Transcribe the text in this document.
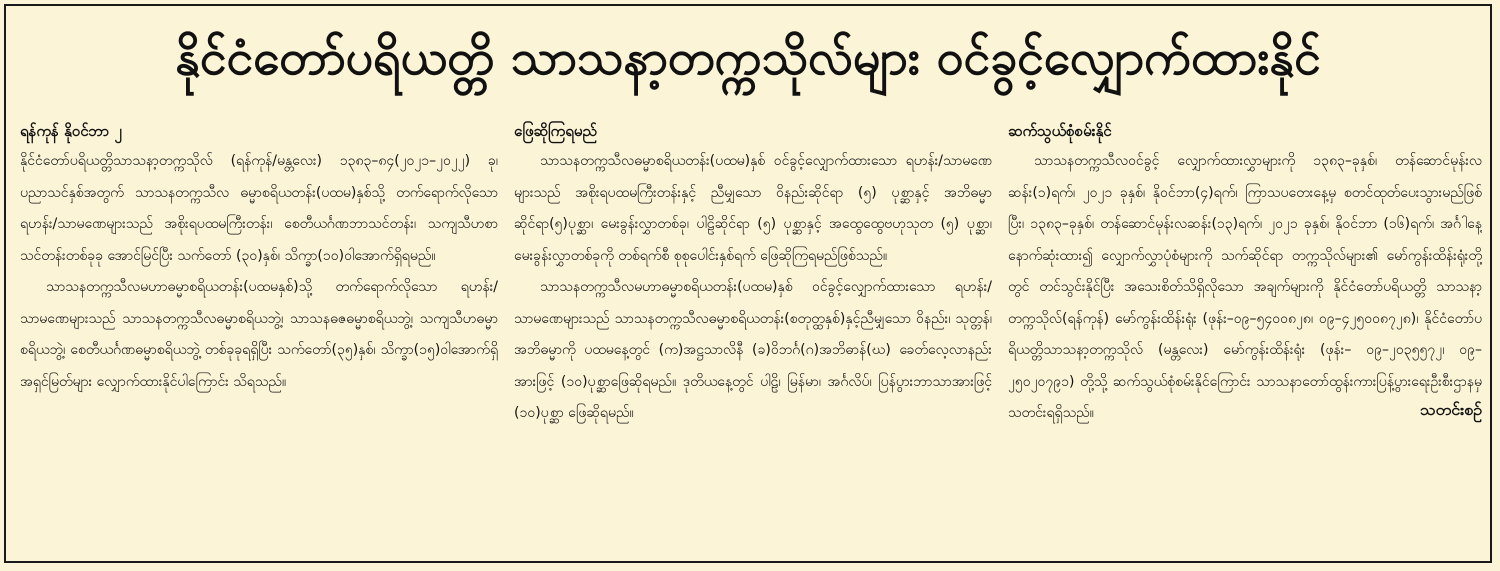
နိုင်ငံတော်ပရိယတ္တိ သာသနာ့တက္ကသိုလ်များ ဝင်ခွင့်လျှောက်ထားနိုင်
ရန်ကုန် နိုဝင်ဘာ ၂

နိုင်ငံတော်ပရိယတ္တိသာသနာ့တက္ကသိုလ် (ရန်ကုန်/မန္တလေး) ၁၃၈၃–၈၄(၂၀၂၁–၂၀၂၂) ခု၊ ပညာသင်နှစ်အတွက် သာသနတက္ကသီလ ဓမ္မာစရိယတန်း(ပထမ)နှစ်သို့ တက်ရောက်လိုသော ရဟန်း/သာမဏေများသည် အစိုးရပထမကြီးတန်း၊ စေတီယင်္ဂဏဘာသင်တန်း၊ သကျသီဟစာသင်တန်းတစ်ခုခု အောင်မြင်ပြီး သက်တော် (၃၀)နှစ်၊ သိက္ခာ(၁၀)ဝါအောက်ရှိရမည်။

သာသနတက္ကသီလမဟာဓမ္မာစရိယတန်း(ပထမနှစ်)သို့ တက်ရောက်လိုသော ရဟန်း/သာမဏေများသည် သာသနတက္ကသီလဓမ္မာစရိယဘွဲ့၊ သာသနဓဇဓမ္မာစရိယဘွဲ့၊ သကျသီဟဓမ္မာစရိယဘွဲ့၊ စေတီယင်္ဂဏဓမ္မာစရိယဘွဲ့ တစ်ခုခုရရှိပြီး သက်တော်(၃၅)နှစ်၊ သိက္ခာ(၁၅)ဝါအောက်ရှိ အရှင်မြတ်များ လျှောက်ထားနိုင်ပါကြောင်း သိရသည်။

ဖြေဆိုကြရမည်

သာသနတက္ကသီလဓမ္မာစရိယတန်း(ပထမ)နှစ် ဝင်ခွင့်လျှောက်ထားသော ရဟန်း/သာမဏေများသည် အစိုးရပထမကြီးတန်းနှင့် ညီမျှသော ဝိနည်းဆိုင်ရာ (၅) ပုစ္ဆာနှင့် အဘိဓမ္မာဆိုင်ရာ(၅)ပုစ္ဆာ၊ မေးခွန်းလွှာတစ်ခု၊ ပါဠိဆိုင်ရာ (၅) ပုစ္ဆာနှင့် အထွေထွေဗဟုသုတ (၅) ပုစ္ဆာ၊ မေးခွန်းလွှာတစ်ခုကို တစ်ရက်စီ စုစုပေါင်းနှစ်ရက် ဖြေဆိုကြရမည်ဖြစ်သည်။

သာသနတက္ကသီလမဟာဓမ္မာစရိယတန်း(ပထမ)နှစ် ဝင်ခွင့်လျှောက်ထားသော ရဟန်း/သာမဏေများသည် သာသနတက္ကသီလဓမ္မာစရိယတန်း(စတုတ္ထနှစ်)နှင့်ညီမျှသော ဝိနည်း၊ သုတ္တန်၊ အဘိဓမ္မာကို ပထမနေ့တွင် (က)အဋ္ဌသာလိနီ (ခ)ဝိဘင်္ဂ(ဂ)အဘိဓာန်(ဃ) ခေတ်လေ့လာနည်းအားဖြင့် (၁၀)ပုစ္ဆာဖြေဆိုရမည်။ ဒုတိယနေ့တွင် ပါဠိ၊ မြန်မာ၊ အင်္ဂလိပ်၊ ပြန်ပွားဘာသာအားဖြင့် (၁၀)ပုစ္ဆာ ဖြေဆိုရမည်။

ဆက်သွယ်စုံစမ်းနိုင်

သာသနတက္ကသီလဝင်ခွင့် လျှောက်ထားလွှာများကို ၁၃၈၃–ခုနှစ်၊ တန်ဆောင်မုန်းလဆန်း(၁)ရက်၊ ၂၀၂၁ ခုနှစ်၊ နိုဝင်ဘာ(၄)ရက်၊ ကြာသပတေးနေ့မှ စတင်ထုတ်ပေးသွားမည်ဖြစ်ပြီး၊ ၁၃၈၃–ခုနှစ်၊ တန်ဆောင်မုန်းလဆန်း(၁၃)ရက်၊ ၂၀၂၁ ခုနှစ်၊ နိုဝင်ဘာ (၁၆)ရက်၊ အင်္ဂါနေ့နောက်ဆုံးထား၍ လျှောက်လွှာပုံစံများကို သက်ဆိုင်ရာ တက္ကသိုလ်များ၏ မော်ကွန်းထိန်းရုံးတို့တွင် တင်သွင်းနိုင်ပြီး အသေးစိတ်သိရှိလိုသော အချက်များကို နိုင်ငံတော်ပရိယတ္တိ သာသနာ့တက္ကသိုလ်(ရန်ကုန်) မော်ကွန်းထိန်းရုံး (ဖုန်း–၀၉–၅၄၀၀၈၂၈၊ ၀၉–၄၂၅၀၀၈၇၂၈)၊ နိုင်ငံတော်ပရိယတ္တိသာသနာ့တက္ကသိုလ် (မန္တလေး) မော်ကွန်းထိန်းရုံး (ဖုန်း– ၀၉–၂၀၃၅၅၇၂၊ ၀၉–၂၅၀၂၀၇၉၁) တို့သို့ ဆက်သွယ်စုံစမ်းနိုင်ကြောင်း သာသနာတော်ထွန်းကားပြန့်ပွားရေးဦးစီးဌာနမှ သတင်းရရှိသည်။	သတင်းစဉ်
